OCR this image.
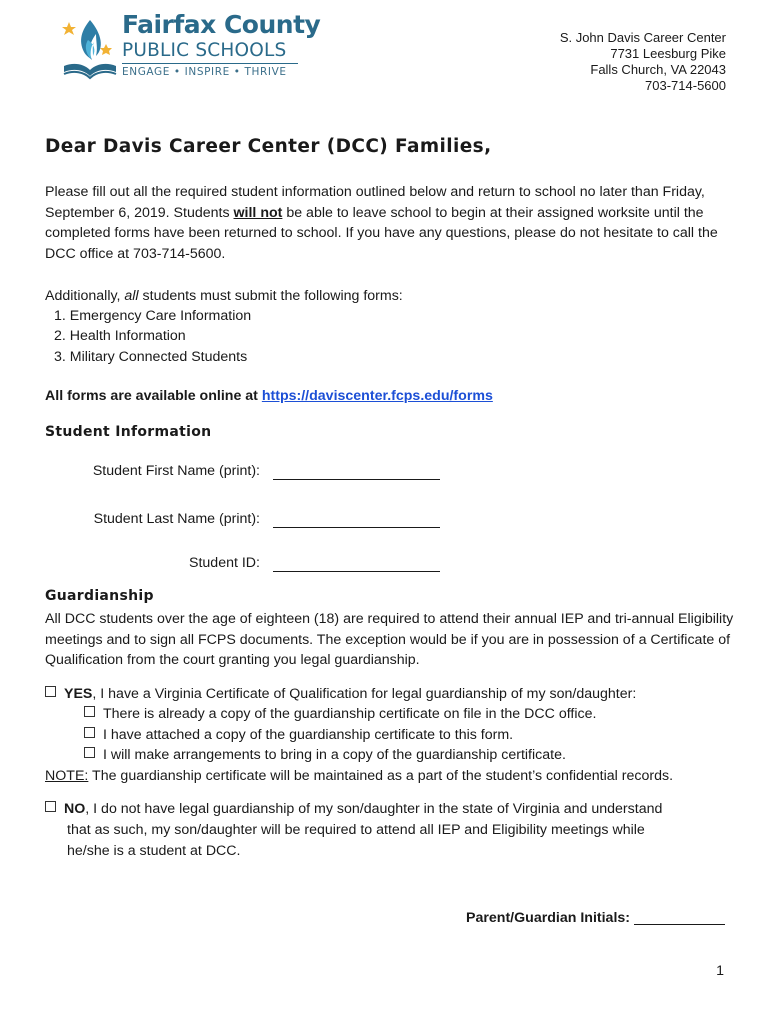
Fairfax County
PUBLIC SCHOOLS
ENGAGE • INSPIRE • THRIVE
S. John Davis Career Center
7731 Leesburg Pike
Falls Church, VA 22043
703-714-5600
Dear Davis Career Center (DCC) Families,
Please fill out all the required student information outlined below and return to school no later than Friday, September 6, 2019. Students will not be able to leave school to begin at their assigned worksite until the completed forms have been returned to school. If you have any questions, please do not hesitate to call the DCC office at 703-714-5600.
Additionally, all students must submit the following forms:
1. Emergency Care Information
2. Health Information
3. Military Connected Students
All forms are available online at https://daviscenter.fcps.edu/forms
Student Information
Student First Name (print):
Student Last Name (print):
Student ID:
Guardianship
All DCC students over the age of eighteen (18) are required to attend their annual IEP and tri-annual Eligibility meetings and to sign all FCPS documents. The exception would be if you are in possession of a Certificate of Qualification from the court granting you legal guardianship.
YES, I have a Virginia Certificate of Qualification for legal guardianship of my son/daughter:
There is already a copy of the guardianship certificate on file in the DCC office.
I have attached a copy of the guardianship certificate to this form.
I will make arrangements to bring in a copy of the guardianship certificate.
NOTE: The guardianship certificate will be maintained as a part of the student’s confidential records.
NO, I do not have legal guardianship of my son/daughter in the state of Virginia and understand
that as such, my son/daughter will be required to attend all IEP and Eligibility meetings while
he/she is a student at DCC.
Parent/Guardian Initials:
1
